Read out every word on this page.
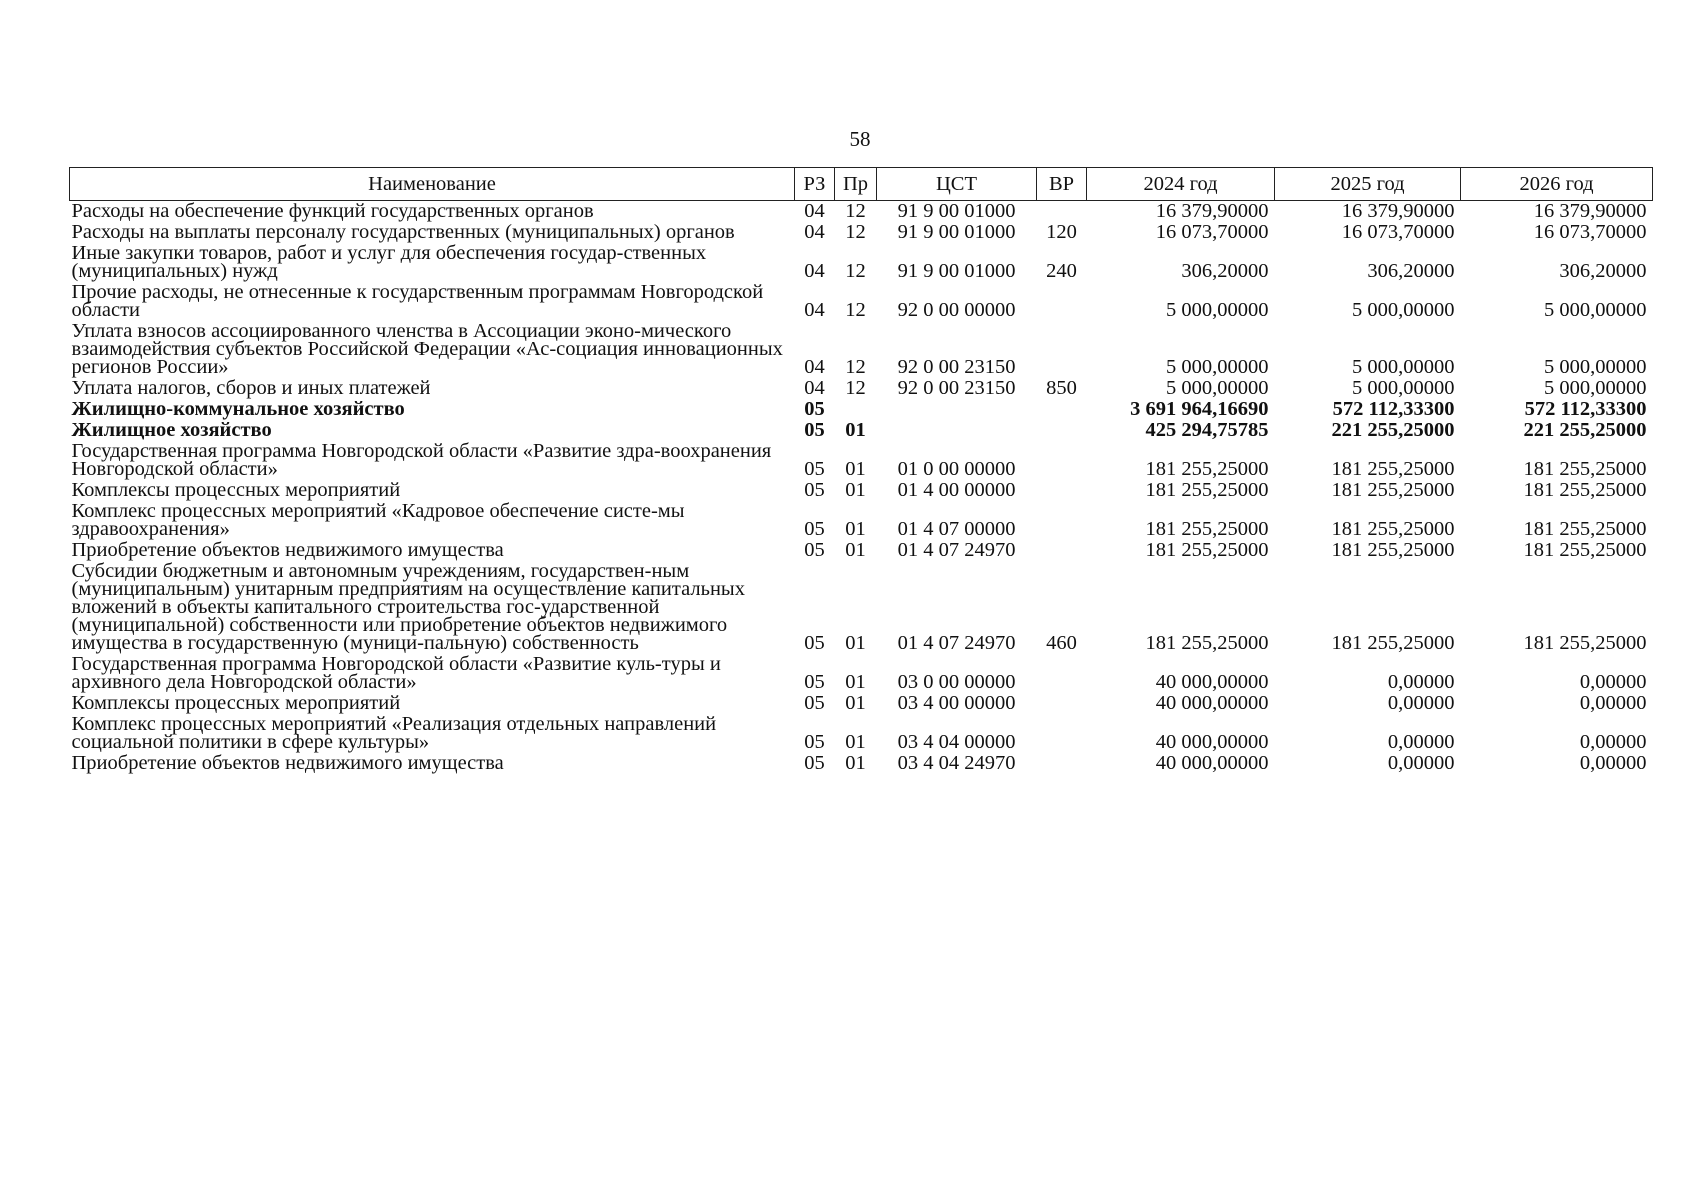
58
Наименование	РЗ	Пр	ЦСТ	ВР	2024 год	2025 год	2026 год
Расходы на обеспечение функций государственных органов	04	12	91 9 00 01000		16 379,90000	16 379,90000	16 379,90000
Расходы на выплаты персоналу государственных (муниципальных) органов	04	12	91 9 00 01000	120	16 073,70000	16 073,70000	16 073,70000
Иные закупки товаров, работ и услуг для обеспечения государ-ственных (муниципальных) нужд	04	12	91 9 00 01000	240	306,20000	306,20000	306,20000
Прочие расходы, не отнесенные к государственным программам Новгородской области	04	12	92 0 00 00000		5 000,00000	5 000,00000	5 000,00000
Уплата взносов ассоциированного членства в Ассоциации эконо-мического взаимодействия субъектов Российской Федерации «Ас-социация инновационных регионов России»	04	12	92 0 00 23150		5 000,00000	5 000,00000	5 000,00000
Уплата налогов, сборов и иных платежей	04	12	92 0 00 23150	850	5 000,00000	5 000,00000	5 000,00000
Жилищно-коммунальное хозяйство	05				3 691 964,16690	572 112,33300	572 112,33300
Жилищное хозяйство	05	01			425 294,75785	221 255,25000	221 255,25000
Государственная программа Новгородской области «Развитие здра-воохранения Новгородской области»	05	01	01 0 00 00000		181 255,25000	181 255,25000	181 255,25000
Комплексы процессных мероприятий	05	01	01 4 00 00000		181 255,25000	181 255,25000	181 255,25000
Комплекс процессных мероприятий «Кадровое обеспечение систе-мы здравоохранения»	05	01	01 4 07 00000		181 255,25000	181 255,25000	181 255,25000
Приобретение объектов недвижимого имущества	05	01	01 4 07 24970		181 255,25000	181 255,25000	181 255,25000
Субсидии бюджетным и автономным учреждениям, государствен-ным (муниципальным) унитарным предприятиям на осуществление капитальных вложений в объекты капитального строительства гос-ударственной (муниципальной) собственности или приобретение объектов недвижимого имущества в государственную (муници-пальную) собственность	05	01	01 4 07 24970	460	181 255,25000	181 255,25000	181 255,25000
Государственная программа Новгородской области «Развитие куль-туры и архивного дела Новгородской области»	05	01	03 0 00 00000		40 000,00000	0,00000	0,00000
Комплексы процессных мероприятий	05	01	03 4 00 00000		40 000,00000	0,00000	0,00000
Комплекс процессных мероприятий «Реализация отдельных направлений социальной политики в сфере культуры»	05	01	03 4 04 00000		40 000,00000	0,00000	0,00000
Приобретение объектов недвижимого имущества	05	01	03 4 04 24970		40 000,00000	0,00000	0,00000
